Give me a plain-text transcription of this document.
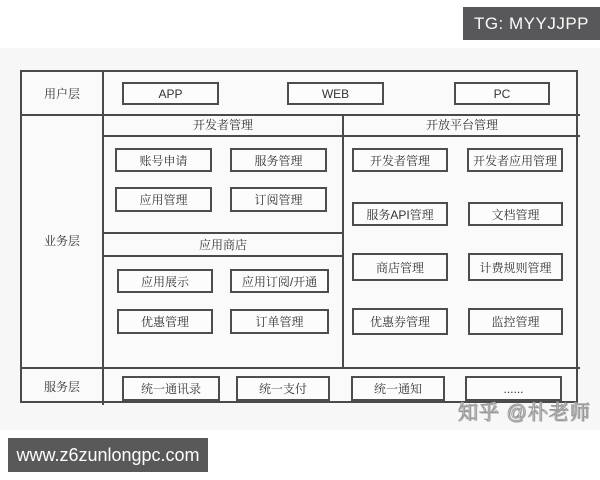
TG: MYYJJPP
用户层
业务层
服务层
开发者管理	开放平台管理
应用商店
APP	WEB	PC
账号申请	服务管理
应用管理	订阅管理
应用展示	应用订阅/开通
优惠管理	订单管理
开发者管理	开发者应用管理
服务API管理	文档管理
商店管理	计费规则管理
优惠券管理	监控管理
统一通讯录	统一支付	统一通知	......
知乎 @朴老师
www.z6zunlongpc.com
